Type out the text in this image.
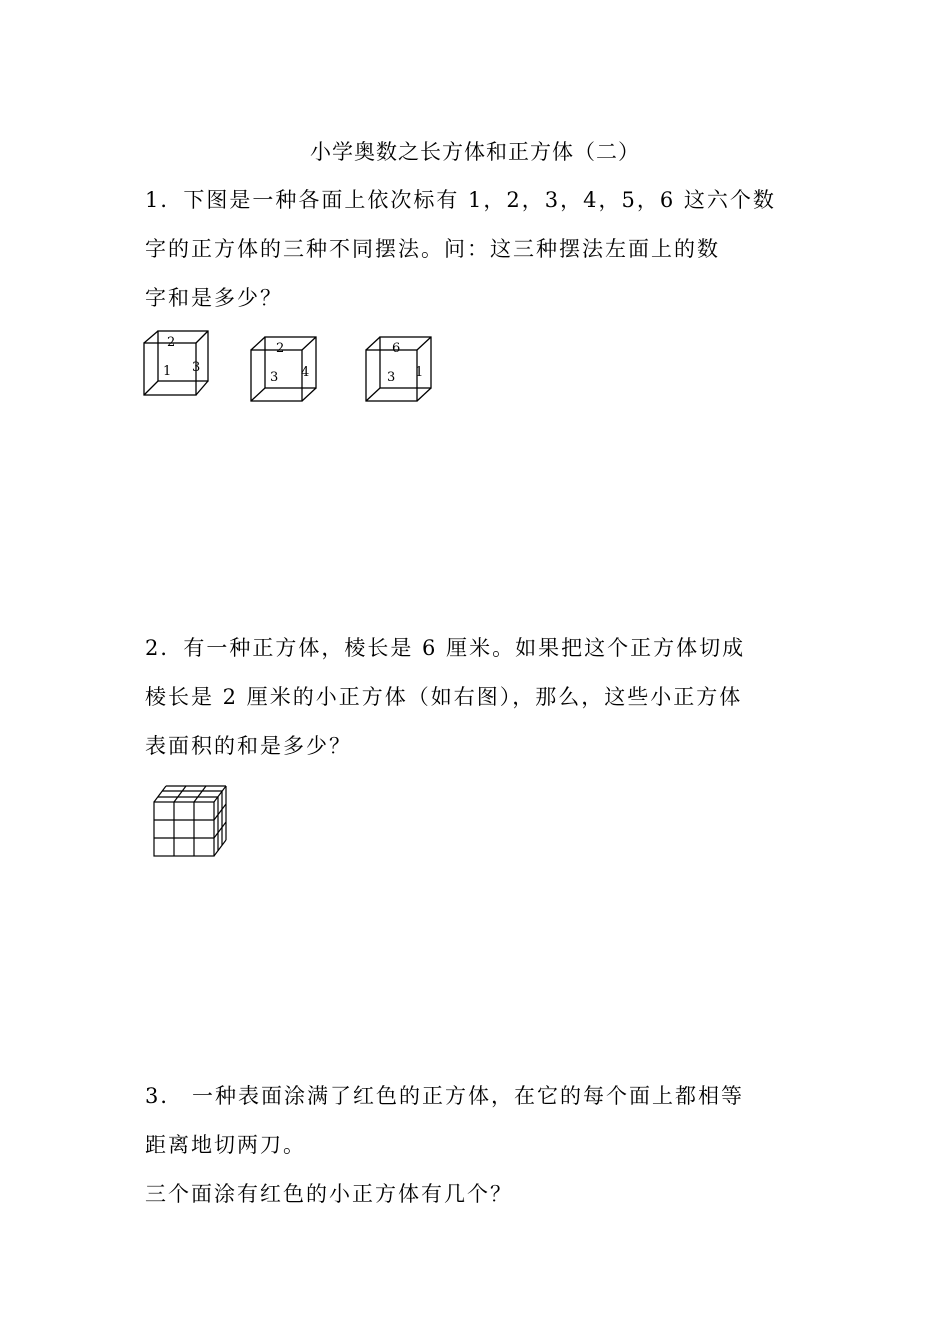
小学奥数之长方体和正方体（二）
1．下图是一种各面上依次标有 1，2，3，4，5，6 这六个数
字的正方体的三种不同摆法。问：这三种摆法左面上的数
字和是多少？
2
1 3
2
3 4
6
3 1
2．有一种正方体，棱长是 6 厘米。如果把这个正方体切成
棱长是 2 厘米的小正方体（如右图），那么，这些小正方体
表面积的和是多少？
3． 一种表面涂满了红色的正方体，在它的每个面上都相等
距离地切两刀。
三个面涂有红色的小正方体有几个？
